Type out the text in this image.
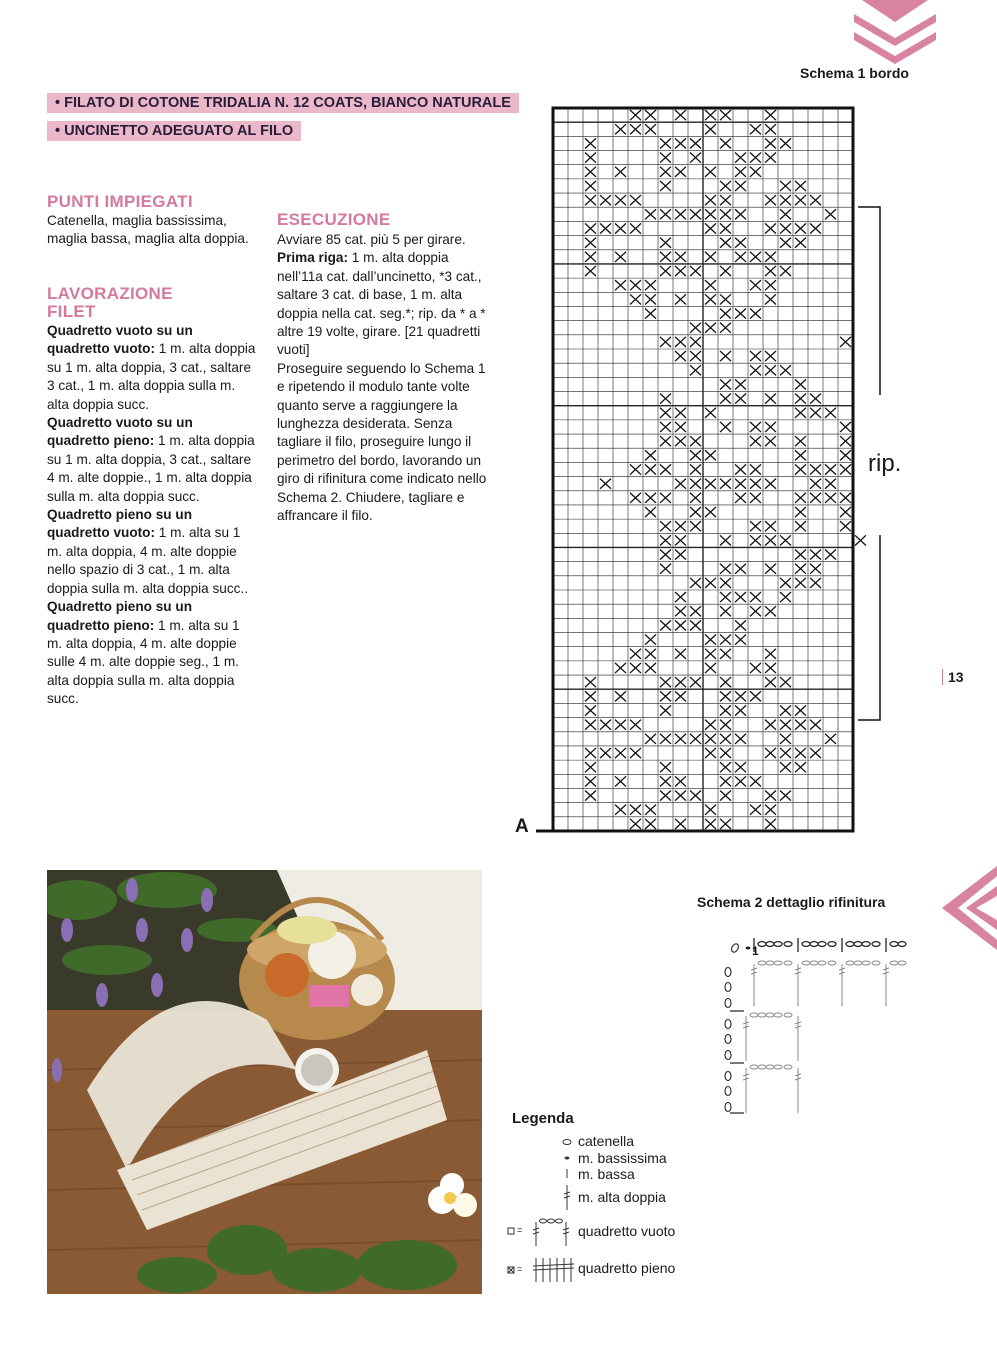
• FILATO DI COTONE TRIDALIA N. 12 COATS, BIANCO NATURALE
• UNCINETTO ADEGUATO AL FILO
PUNTI IMPIEGATI
Catenella, maglia bassissima, maglia bassa, maglia alta doppia.
LAVORAZIONE FILET

Quadretto vuoto su un quadretto vuoto: 1 m. alta doppia su 1 m. alta doppia, 3 cat., saltare 3 cat., 1 m. alta doppia sulla m. alta doppia succ.

Quadretto vuoto su un quadretto pieno: 1 m. alta doppia su 1 m. alta doppia, 3 cat., saltare 4 m. alte doppie., 1 m. alta doppia sulla m. alta doppia succ.

Quadretto pieno su un quadretto vuoto: 1 m. alta su 1 m. alta doppia, 4 m. alte doppie nello spazio di 3 cat., 1 m. alta doppia sulla m. alta doppia succ..

Quadretto pieno su un quadretto pieno: 1 m. alta su 1 m. alta doppia, 4 m. alte doppie sulle 4 m. alte doppie seg., 1 m. alta doppia sulla m. alta doppia succ.

ESECUZIONE

Avviare 85 cat. più 5 per girare.

Prima riga: 1 m. alta doppia nell’11a cat. dall’uncinetto, *3 cat., saltare 3 cat. di base, 1 m. alta doppia nella cat. seg.*; rip. da * a * altre 19 volte, girare. [21 quadretti vuoti]

Proseguire seguendo lo Schema 1 e ripetendo il modulo tante volte quanto serve a raggiungere la lunghezza desiderata. Senza tagliare il filo, proseguire lungo il perimetro del bordo, lavorando un giro di rifinitura come indicato nello Schema 2. Chiudere, tagliare e affrancare il filo.

Schema 1 bordo
A
rip.
13
Schema 2 dettaglio rifinitura
1
Legenda
=
=
catenella
m. bassissima
m. bassa
m. alta doppia
quadretto vuoto
quadretto pieno
